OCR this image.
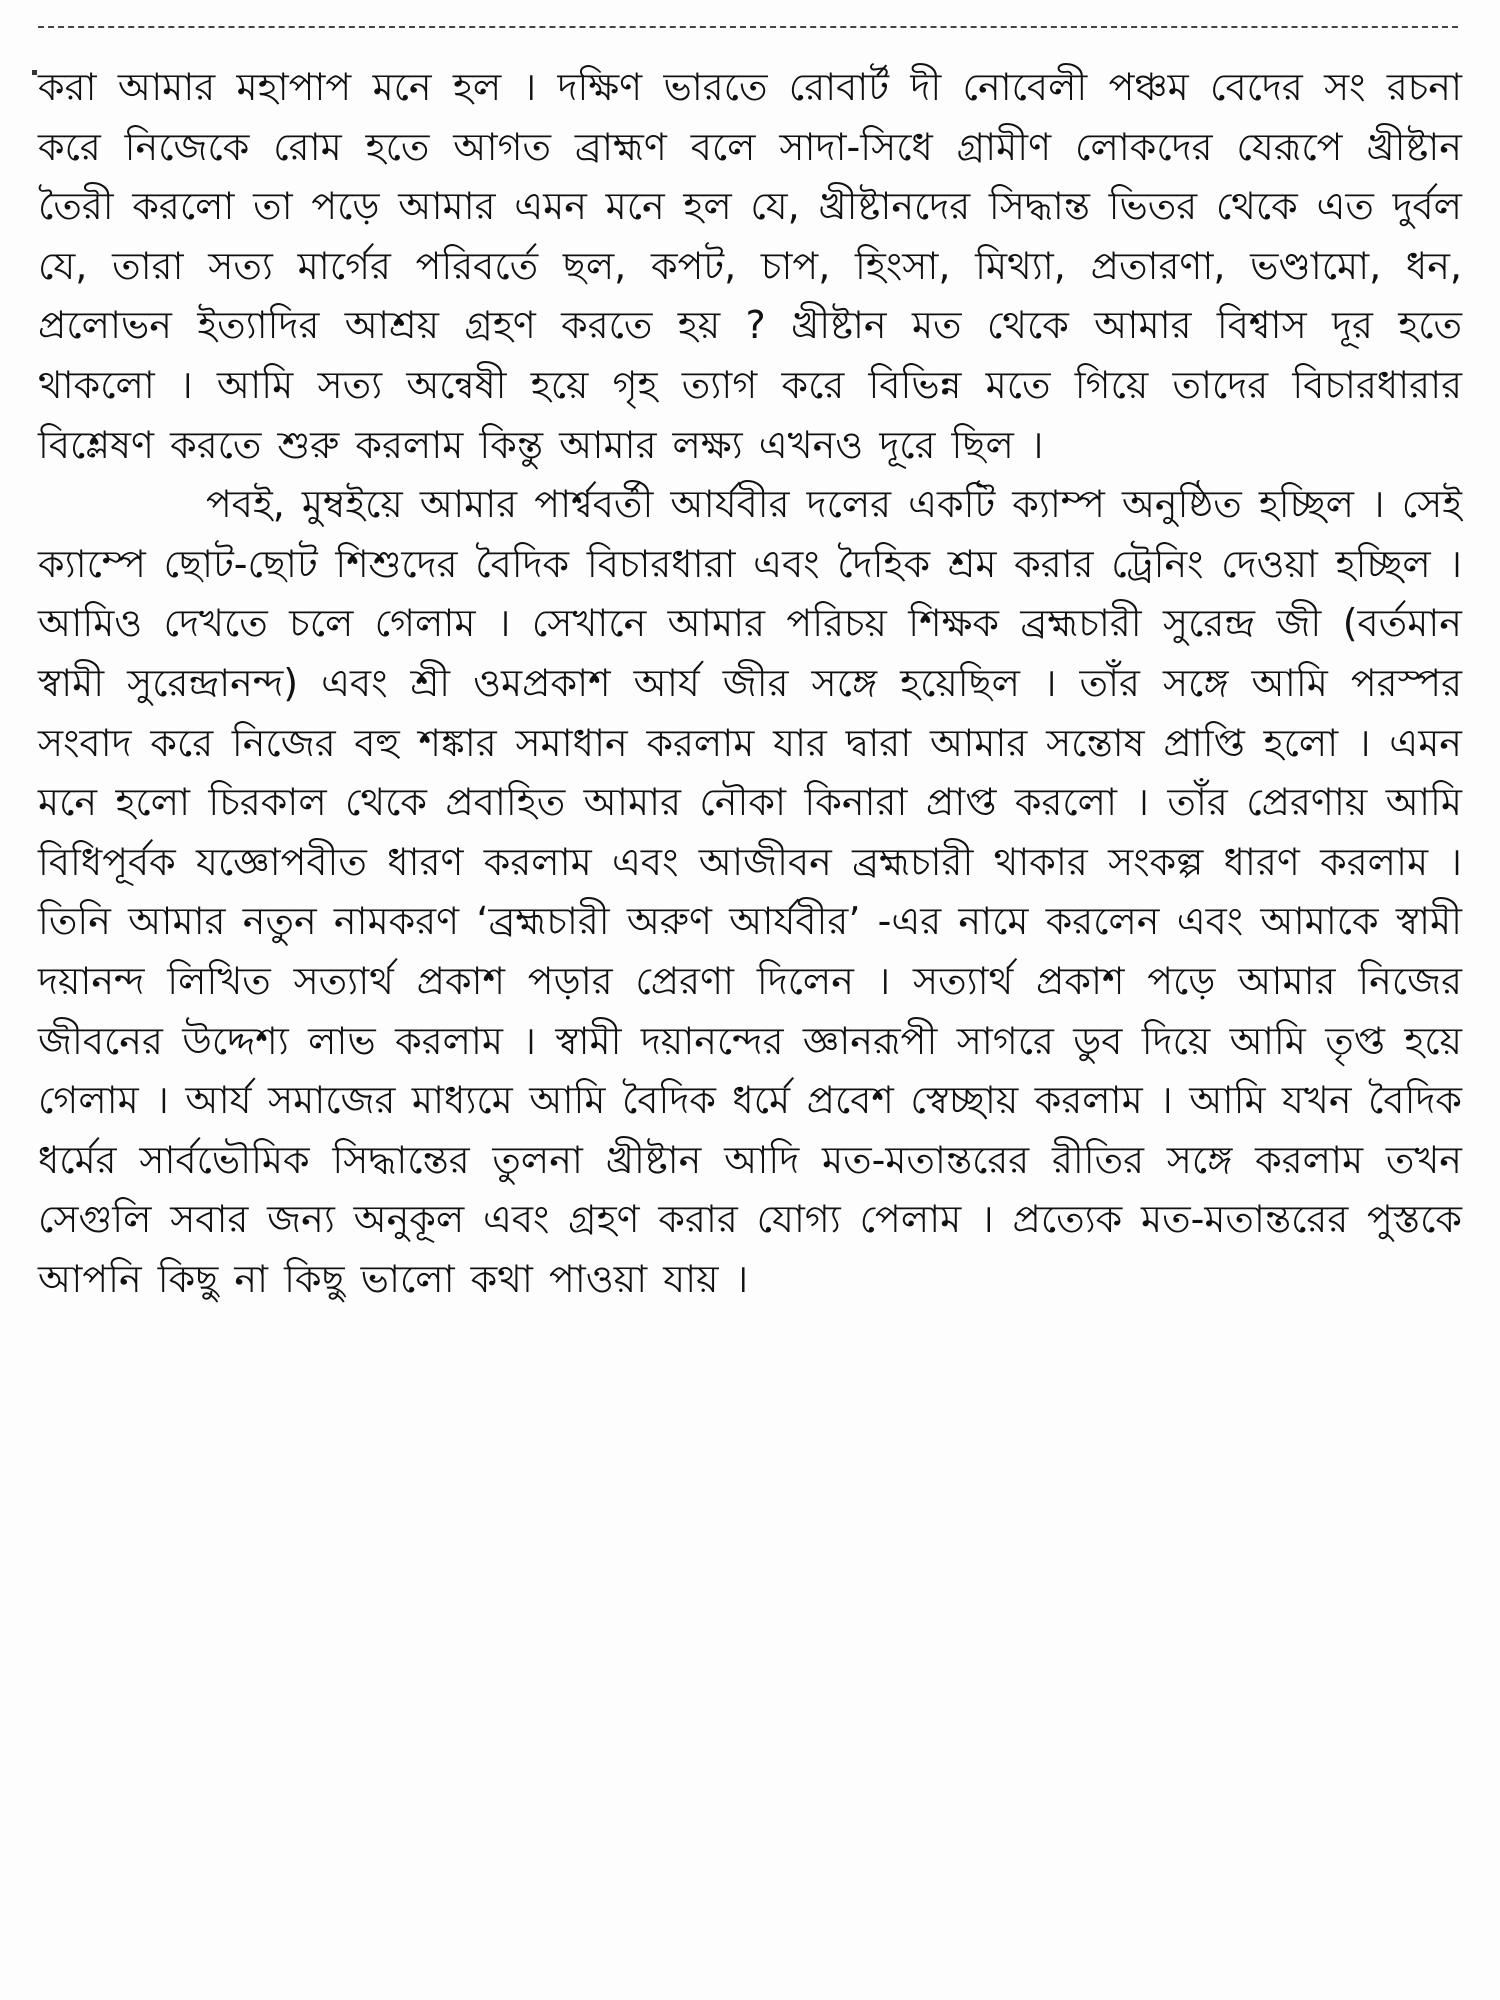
করা আমার মহাপাপ মনে হল । দক্ষিণ ভারতে রোবার্ট দী নোবেলী পঞ্চম বেদের সং রচনা করে নিজেকে রোম হতে আগত ব্রাহ্মণ বলে সাদা-সিধে গ্রামীণ লোকদের যেরূপে খ্রীষ্টান তৈরী করলো তা পড়ে আমার এমন মনে হল যে, খ্রীষ্টানদের সিদ্ধান্ত ভিতর থেকে এত দুর্বল যে, তারা সত্য মার্গের পরিবর্তে ছল, কপট, চাপ, হিংসা, মিথ্যা, প্রতারণা, ভণ্ডামো, ধন, প্রলোভন ইত্যাদির আশ্রয় গ্রহণ করতে হয় ? খ্রীষ্টান মত থেকে আমার বিশ্বাস দূর হতে থাকলো । আমি সত্য অন্বেষী হয়ে গৃহ ত্যাগ করে বিভিন্ন মতে গিয়ে তাদের বিচারধারার বিশ্লেষণ করতে শুরু করলাম কিন্তু আমার লক্ষ্য এখনও দূরে ছিল ।

পবই, মুম্বইয়ে আমার পার্শ্ববর্তী আর্যবীর দলের একটি ক্যাম্প অনুষ্ঠিত হচ্ছিল । সেই ক্যাম্পে ছোট-ছোট শিশুদের বৈদিক বিচারধারা এবং দৈহিক শ্রম করার ট্রেনিং দেওয়া হচ্ছিল । আমিও দেখতে চলে গেলাম । সেখানে আমার পরিচয় শিক্ষক ব্রহ্মচারী সুরেন্দ্র জী (বর্তমান স্বামী সুরেন্দ্রানন্দ) এবং শ্রী ওমপ্রকাশ আর্য জীর সঙ্গে হয়েছিল । তাঁর সঙ্গে আমি পরস্পর সংবাদ করে নিজের বহু শঙ্কার সমাধান করলাম যার দ্বারা আমার সন্তোষ প্রাপ্তি হলো । এমন মনে হলো চিরকাল থেকে প্রবাহিত আমার নৌকা কিনারা প্রাপ্ত করলো । তাঁর প্রেরণায় আমি বিধিপূর্বক যজ্ঞোপবীত ধারণ করলাম এবং আজীবন ব্রহ্মচারী থাকার সংকল্প ধারণ করলাম । তিনি আমার নতুন নামকরণ ‘ব্রহ্মচারী অরুণ আর্যবীর’ -এর নামে করলেন এবং আমাকে স্বামী দয়ানন্দ লিখিত সত্যার্থ প্রকাশ পড়ার প্রেরণা দিলেন । সত্যার্থ প্রকাশ পড়ে আমার নিজের জীবনের উদ্দেশ্য লাভ করলাম । স্বামী দয়ানন্দের জ্ঞানরূপী সাগরে ডুব দিয়ে আমি তৃপ্ত হয়ে গেলাম । আর্য সমাজের মাধ্যমে আমি বৈদিক ধর্মে প্রবেশ স্বেচ্ছায় করলাম । আমি যখন বৈদিক ধর্মের সার্বভৌমিক সিদ্ধান্তের তুলনা খ্রীষ্টান আদি মত-মতান্তরের রীতির সঙ্গে করলাম তখন সেগুলি সবার জন্য অনুকূল এবং গ্রহণ করার যোগ্য পেলাম । প্রত্যেক মত-মতান্তরের পুস্তকে আপনি কিছু না কিছু ভালো কথা পাওয়া যায় ।
